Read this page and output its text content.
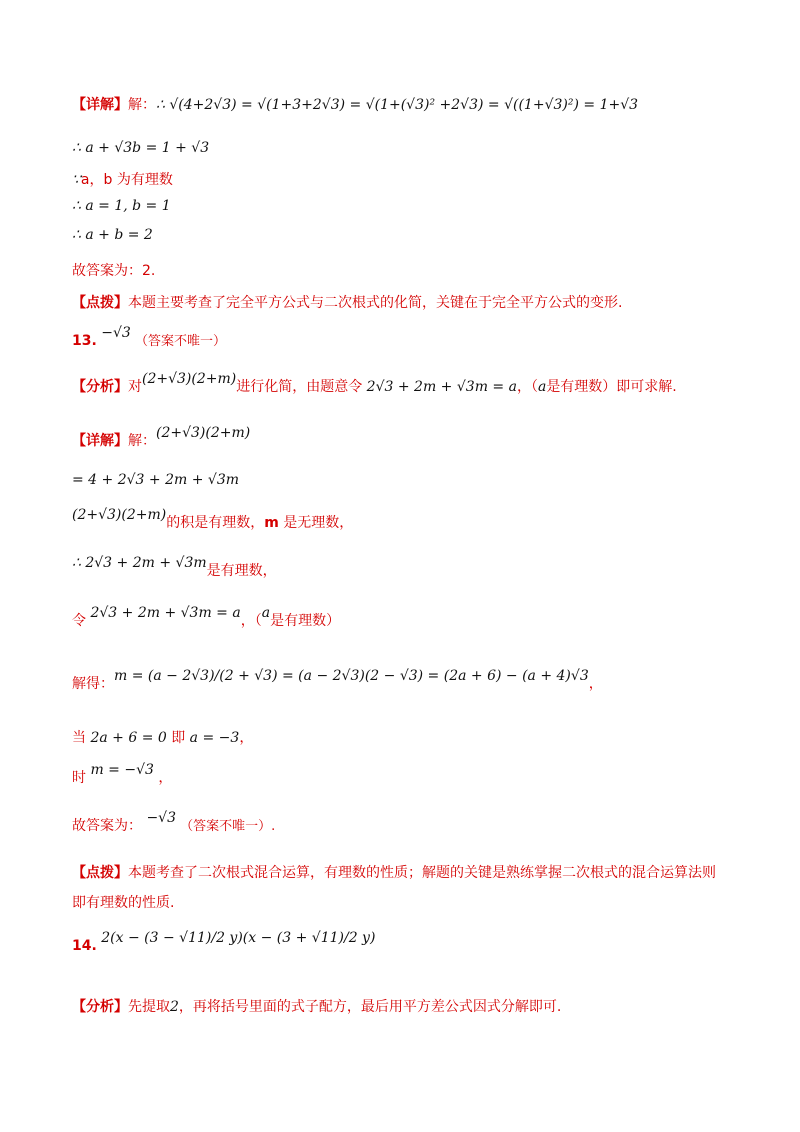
【详解】解：∴ √(4+2√3) = √(1+3+2√3) = √(1+(√3)² +2√3) = √((1+√3)²) = 1+√3
∴ a + √3b = 1 + √3
∵a，b 为有理数
∴ a = 1, b = 1
∴ a + b = 2
故答案为：2.
【点拨】本题主要考查了完全平方公式与二次根式的化简，关键在于完全平方公式的变形.
13. −√3 （答案不唯一）
【分析】对(2+√3)(2+m)进行化简，由题意令 2√3 + 2m + √3m = a，（a是有理数）即可求解.
【详解】解：(2+√3)(2+m)
= 4 + 2√3 + 2m + √3m
(2+√3)(2+m)的积是有理数，m 是无理数，
∴ 2√3 + 2m + √3m是有理数，
令 2√3 + 2m + √3m = a，（a是有理数）
解得：m = (a − 2√3)/(2 + √3) = (a − 2√3)(2 − √3) = (2a + 6) − (a + 4)√3，
当 2a + 6 = 0 即 a = −3，
时 m = −√3 ，
故答案为： −√3 （答案不唯一）.
【点拨】本题考查了二次根式混合运算，有理数的性质；解题的关键是熟练掌握二次根式的混合运算法则
即有理数的性质.
14. 2(x − (3 − √11)/2 y)(x − (3 + √11)/2 y)
【分析】先提取2，再将括号里面的式子配方，最后用平方差公式因式分解即可.
